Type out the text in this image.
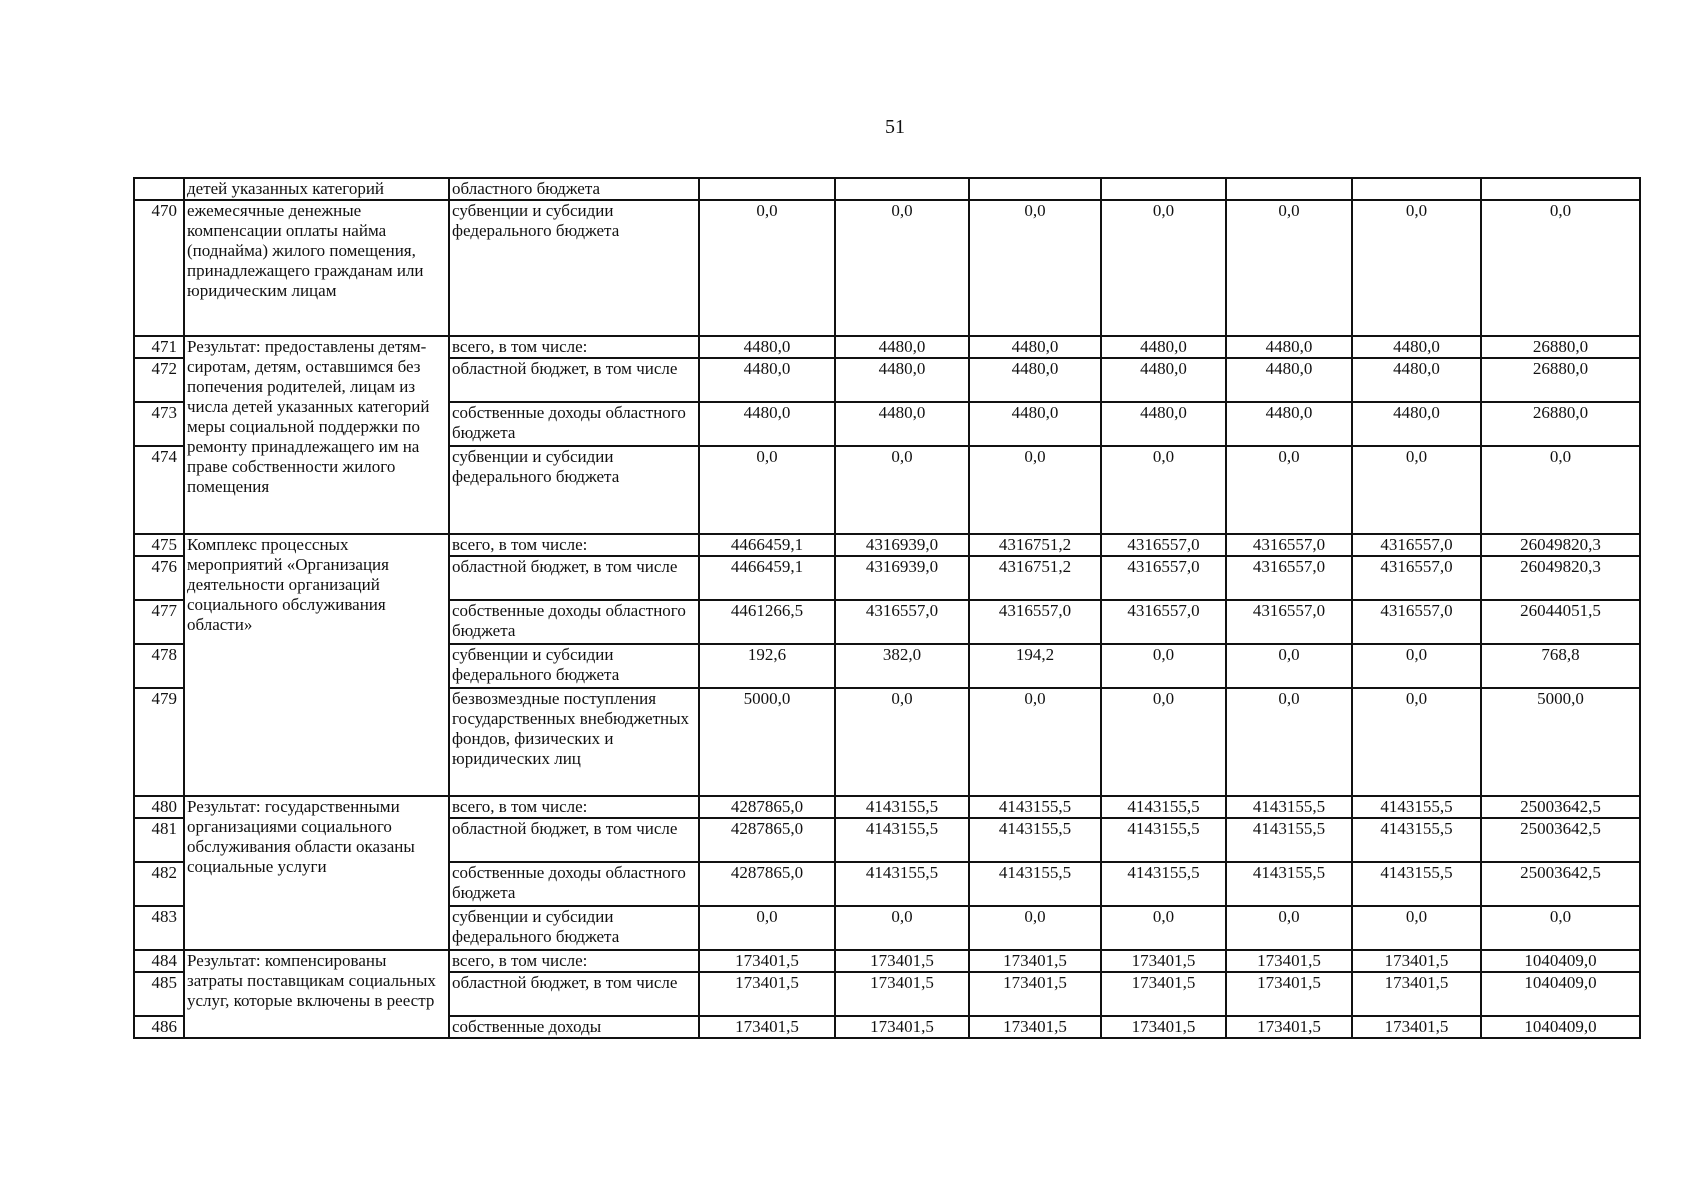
51
	детей указанных категорий	областного бюджета							
470	ежемесячные денежные компенсации оплаты найма (поднайма) жилого помещения, принадлежащего гражданам или юридическим лицам	субвенции и субсидии федерального бюджета	0,0	0,0	0,0	0,0	0,0	0,0	0,0
471	Результат: предоставлены детям-сиротам, детям, оставшимся без попечения родителей, лицам из числа детей указанных категорий меры социальной поддержки по ремонту принадлежащего им на праве собственности жилого помещения	всего, в том числе:	4480,0	4480,0	4480,0	4480,0	4480,0	4480,0	26880,0
472		областной бюджет, в том числе	4480,0	4480,0	4480,0	4480,0	4480,0	4480,0	26880,0
473		собственные доходы областного бюджета	4480,0	4480,0	4480,0	4480,0	4480,0	4480,0	26880,0
474		субвенции и субсидии федерального бюджета	0,0	0,0	0,0	0,0	0,0	0,0	0,0
475	Комплекс процессных мероприятий «Организация деятельности организаций социального обслуживания области»	всего, в том числе:	4466459,1	4316939,0	4316751,2	4316557,0	4316557,0	4316557,0	26049820,3
476		областной бюджет, в том числе	4466459,1	4316939,0	4316751,2	4316557,0	4316557,0	4316557,0	26049820,3
477		собственные доходы областного бюджета	4461266,5	4316557,0	4316557,0	4316557,0	4316557,0	4316557,0	26044051,5
478		субвенции и субсидии федерального бюджета	192,6	382,0	194,2	0,0	0,0	0,0	768,8
479		безвозмездные поступления государственных внебюджетных фондов, физических и юридических лиц	5000,0	0,0	0,0	0,0	0,0	0,0	5000,0
480	Результат: государственными организациями социального обслуживания области оказаны социальные услуги	всего, в том числе:	4287865,0	4143155,5	4143155,5	4143155,5	4143155,5	4143155,5	25003642,5
481		областной бюджет, в том числе	4287865,0	4143155,5	4143155,5	4143155,5	4143155,5	4143155,5	25003642,5
482		собственные доходы областного бюджета	4287865,0	4143155,5	4143155,5	4143155,5	4143155,5	4143155,5	25003642,5
483		субвенции и субсидии федерального бюджета	0,0	0,0	0,0	0,0	0,0	0,0	0,0
484	Результат: компенсированы затраты поставщикам социальных услуг, которые включены в реестр	всего, в том числе:	173401,5	173401,5	173401,5	173401,5	173401,5	173401,5	1040409,0
485		областной бюджет, в том числе	173401,5	173401,5	173401,5	173401,5	173401,5	173401,5	1040409,0
486		собственные доходы	173401,5	173401,5	173401,5	173401,5	173401,5	173401,5	1040409,0
